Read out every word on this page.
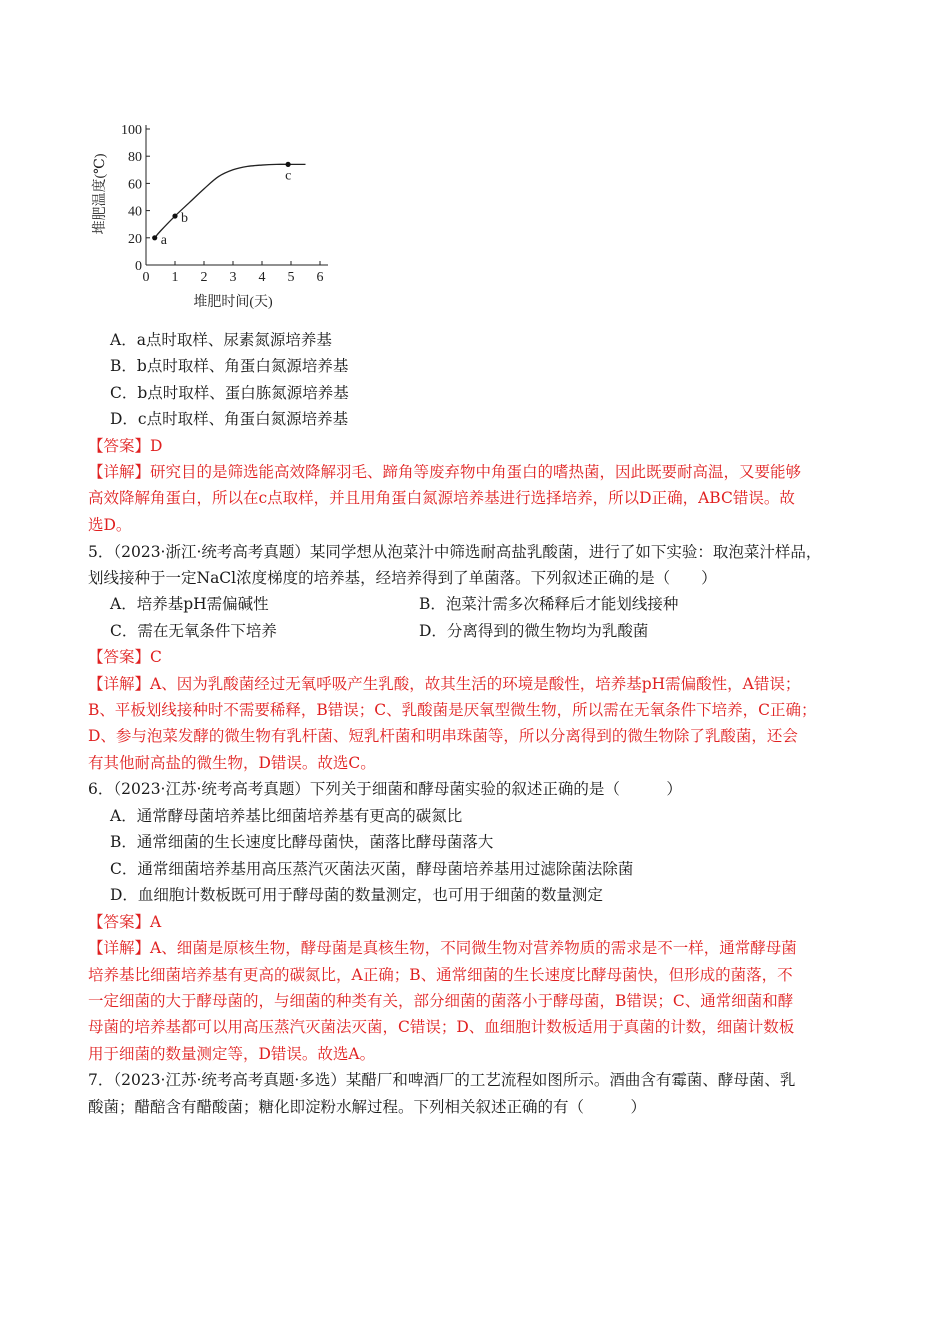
0
20
40
60
80
100
0 1 2 3 4 5 6
a
b
c
堆肥时间(天)
堆肥温度(℃)
A．a点时取样、尿素氮源培养基
B．b点时取样、角蛋白氮源培养基
C．b点时取样、蛋白胨氮源培养基
D．c点时取样、角蛋白氮源培养基
【答案】D
【详解】研究目的是筛选能高效降解羽毛、蹄角等废弃物中角蛋白的嗜热菌，因此既要耐高温，又要能够
高效降解角蛋白，所以在c点取样，并且用角蛋白氮源培养基进行选择培养，所以D正确，ABC错误。故
选D。
5．（2023·浙江·统考高考真题）某同学想从泡菜汁中筛选耐高盐乳酸菌，进行了如下实验：取泡菜汁样品，
划线接种于一定NaCl浓度梯度的培养基，经培养得到了单菌落。下列叙述正确的是（　　）
A．培养基pH需偏碱性	B．泡菜汁需多次稀释后才能划线接种
C．需在无氧条件下培养	D．分离得到的微生物均为乳酸菌
【答案】C
【详解】A、因为乳酸菌经过无氧呼吸产生乳酸，故其生活的环境是酸性，培养基pH需偏酸性，A错误；
B、平板划线接种时不需要稀释，B错误；C、乳酸菌是厌氧型微生物，所以需在无氧条件下培养，C正确；
D、参与泡菜发酵的微生物有乳杆菌、短乳杆菌和明串珠菌等，所以分离得到的微生物除了乳酸菌，还会
有其他耐高盐的微生物，D错误。故选C。
6．（2023·江苏·统考高考真题）下列关于细菌和酵母菌实验的叙述正确的是（　　　）
A．通常酵母菌培养基比细菌培养基有更高的碳氮比
B．通常细菌的生长速度比酵母菌快，菌落比酵母菌落大
C．通常细菌培养基用高压蒸汽灭菌法灭菌，酵母菌培养基用过滤除菌法除菌
D．血细胞计数板既可用于酵母菌的数量测定，也可用于细菌的数量测定
【答案】A
【详解】A、细菌是原核生物，酵母菌是真核生物，不同微生物对营养物质的需求是不一样，通常酵母菌
培养基比细菌培养基有更高的碳氮比，A正确；B、通常细菌的生长速度比酵母菌快，但形成的菌落，不
一定细菌的大于酵母菌的，与细菌的种类有关，部分细菌的菌落小于酵母菌，B错误；C、通常细菌和酵
母菌的培养基都可以用高压蒸汽灭菌法灭菌，C错误；D、血细胞计数板适用于真菌的计数，细菌计数板
用于细菌的数量测定等，D错误。故选A。
7．（2023·江苏·统考高考真题·多选）某醋厂和啤酒厂的工艺流程如图所示。酒曲含有霉菌、酵母菌、乳
酸菌；醋醅含有醋酸菌；糖化即淀粉水解过程。下列相关叙述正确的有（　　　）
